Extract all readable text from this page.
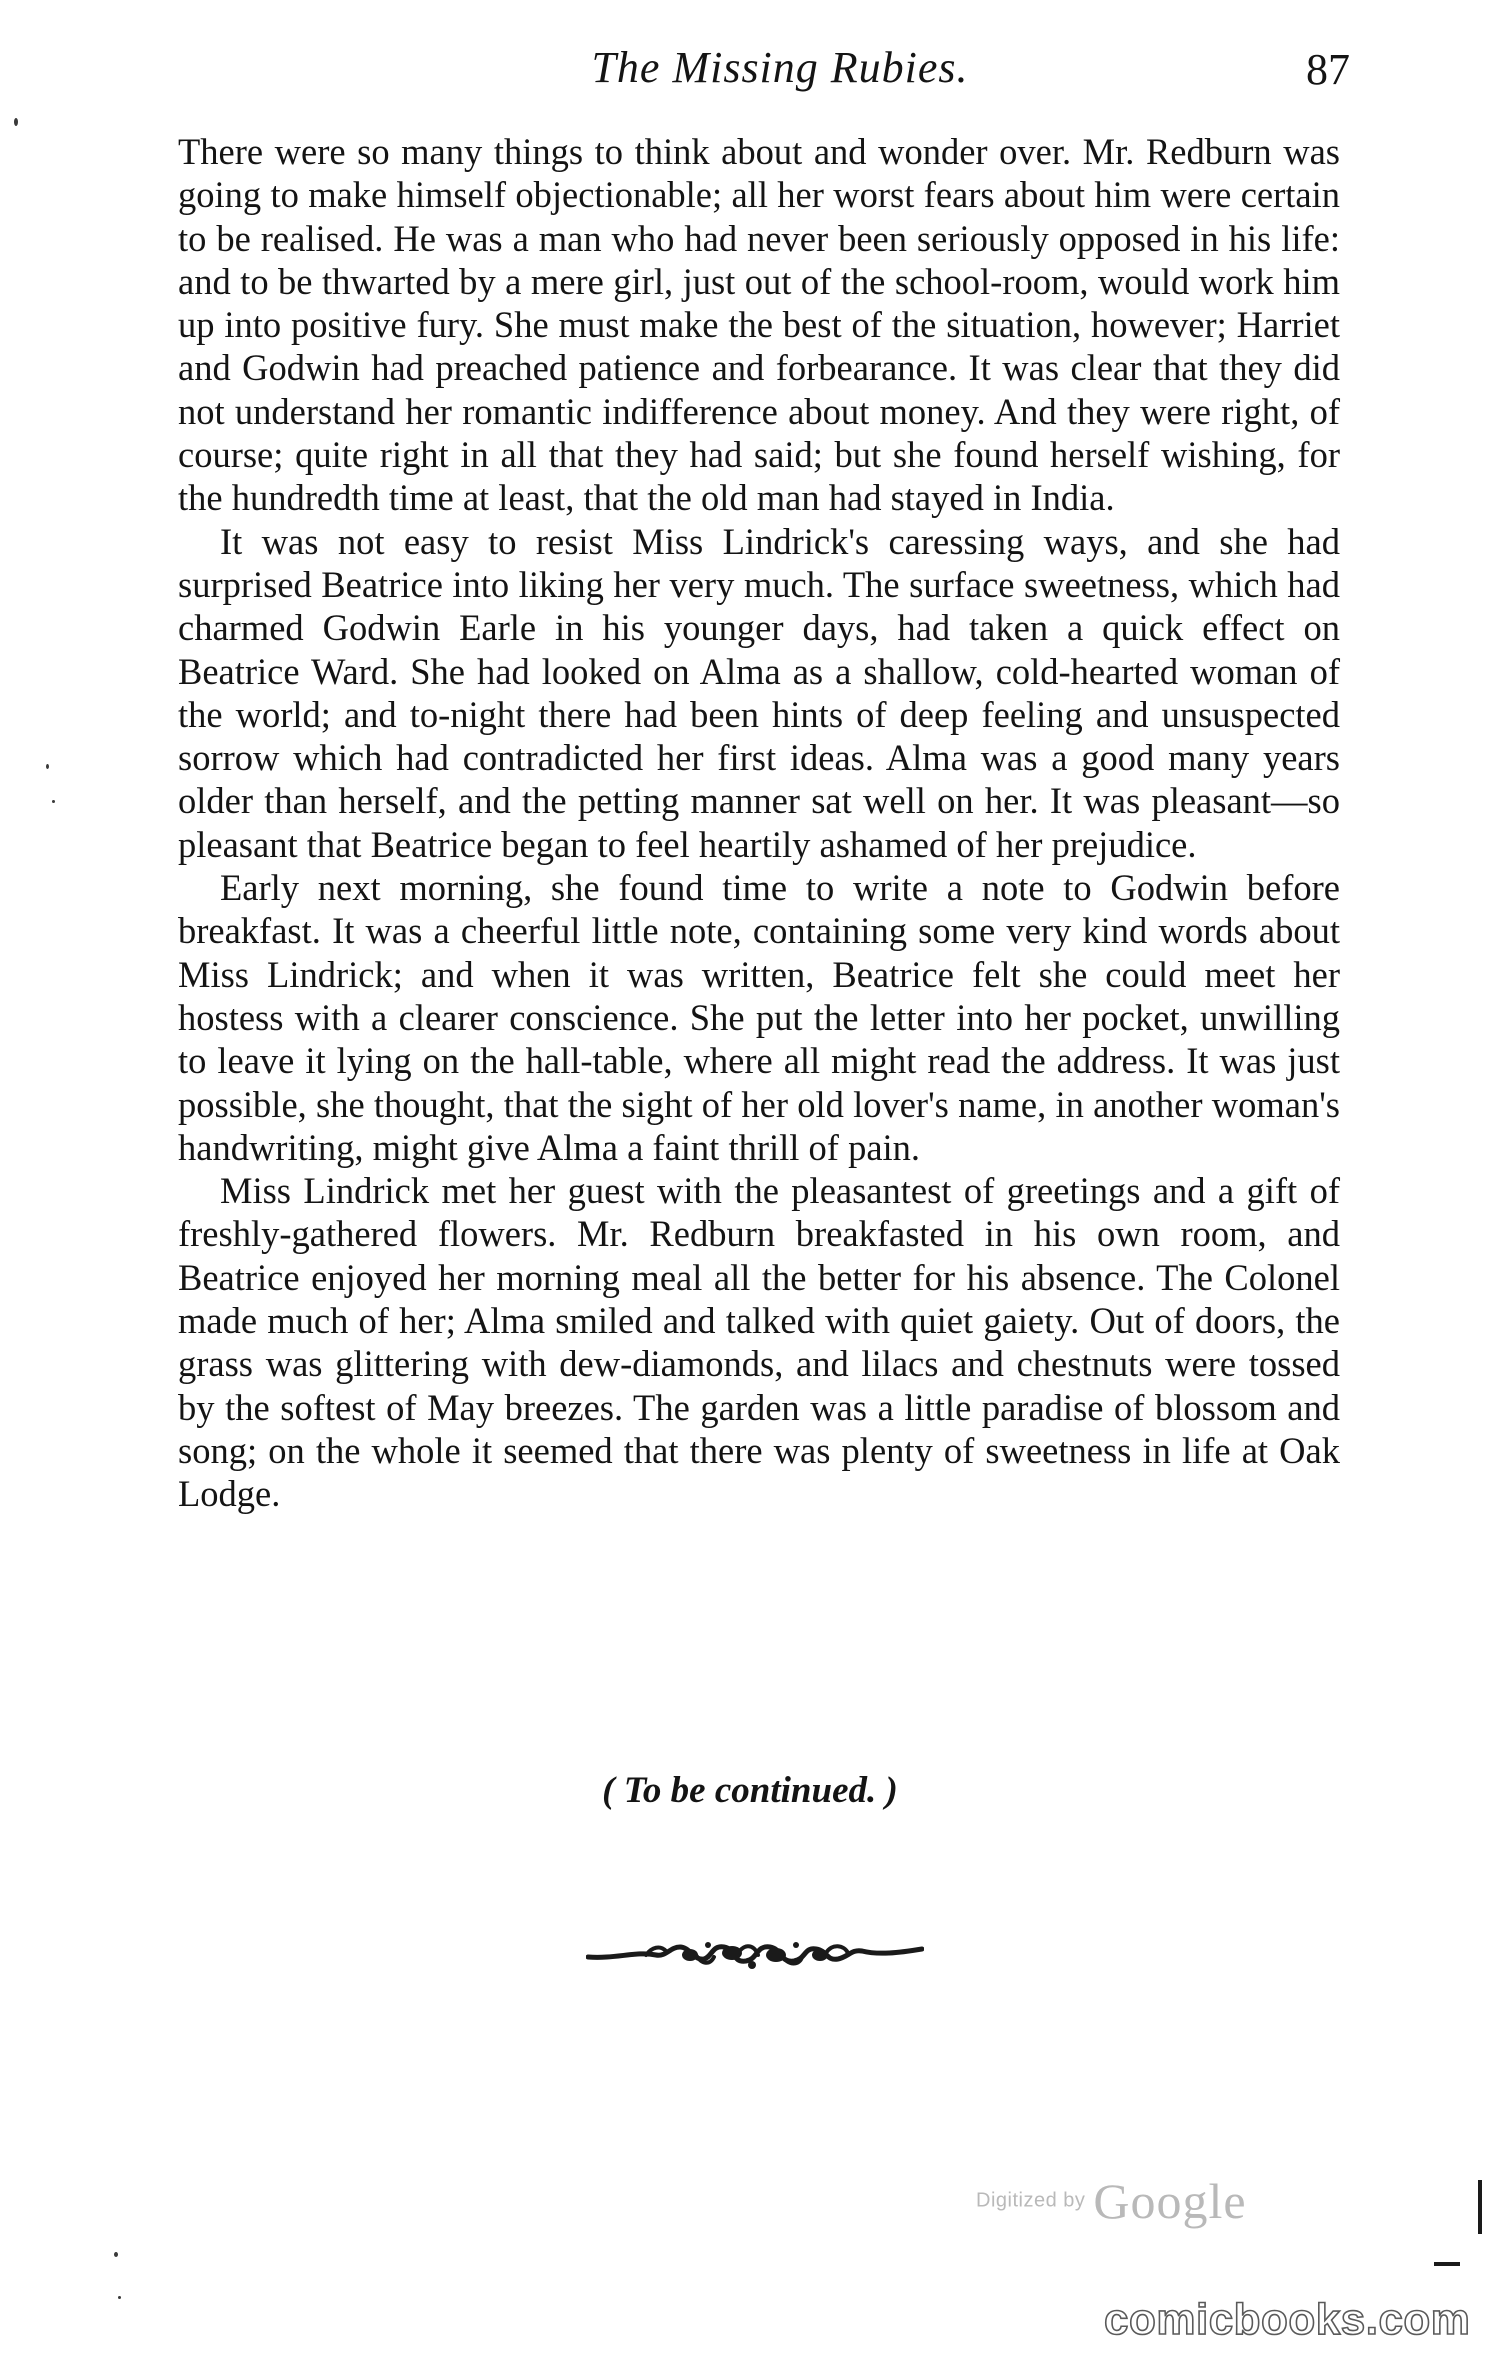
The Missing Rubies.	87

There were so many things to think about and wonder over. Mr. Redburn was going to make himself objectionable; all her worst fears about him were certain to be realised. He was a man who had never been seriously opposed in his life: and to be thwarted by a mere girl, just out of the school-room, would work him up into positive fury. She must make the best of the situation, however; Harriet and Godwin had preached patience and forbearance. It was clear that they did not understand her romantic indifference about money. And they were right, of course; quite right in all that they had said; but she found herself wishing, for the hundredth time at least, that the old man had stayed in India.

It was not easy to resist Miss Lindrick's caressing ways, and she had surprised Beatrice into liking her very much. The surface sweetness, which had charmed Godwin Earle in his younger days, had taken a quick effect on Beatrice Ward. She had looked on Alma as a shallow, cold-hearted woman of the world; and to-night there had been hints of deep feeling and unsuspected sorrow which had contradicted her first ideas. Alma was a good many years older than herself, and the petting manner sat well on her. It was pleasant—so pleasant that Beatrice began to feel heartily ashamed of her prejudice.

Early next morning, she found time to write a note to Godwin before breakfast. It was a cheerful little note, containing some very kind words about Miss Lindrick; and when it was written, Beatrice felt she could meet her hostess with a clearer conscience. She put the letter into her pocket, unwilling to leave it lying on the hall-table, where all might read the address. It was just possible, she thought, that the sight of her old lover's name, in another woman's handwriting, might give Alma a faint thrill of pain.

Miss Lindrick met her guest with the pleasantest of greetings and a gift of freshly-gathered flowers. Mr. Redburn breakfasted in his own room, and Beatrice enjoyed her morning meal all the better for his absence. The Colonel made much of her; Alma smiled and talked with quiet gaiety. Out of doors, the grass was glittering with dew-diamonds, and lilacs and chestnuts were tossed by the softest of May breezes. The garden was a little paradise of blossom and song; on the whole it seemed that there was plenty of sweetness in life at Oak Lodge.

( To be continued. )
Digitized by Google
comicbooks.com
